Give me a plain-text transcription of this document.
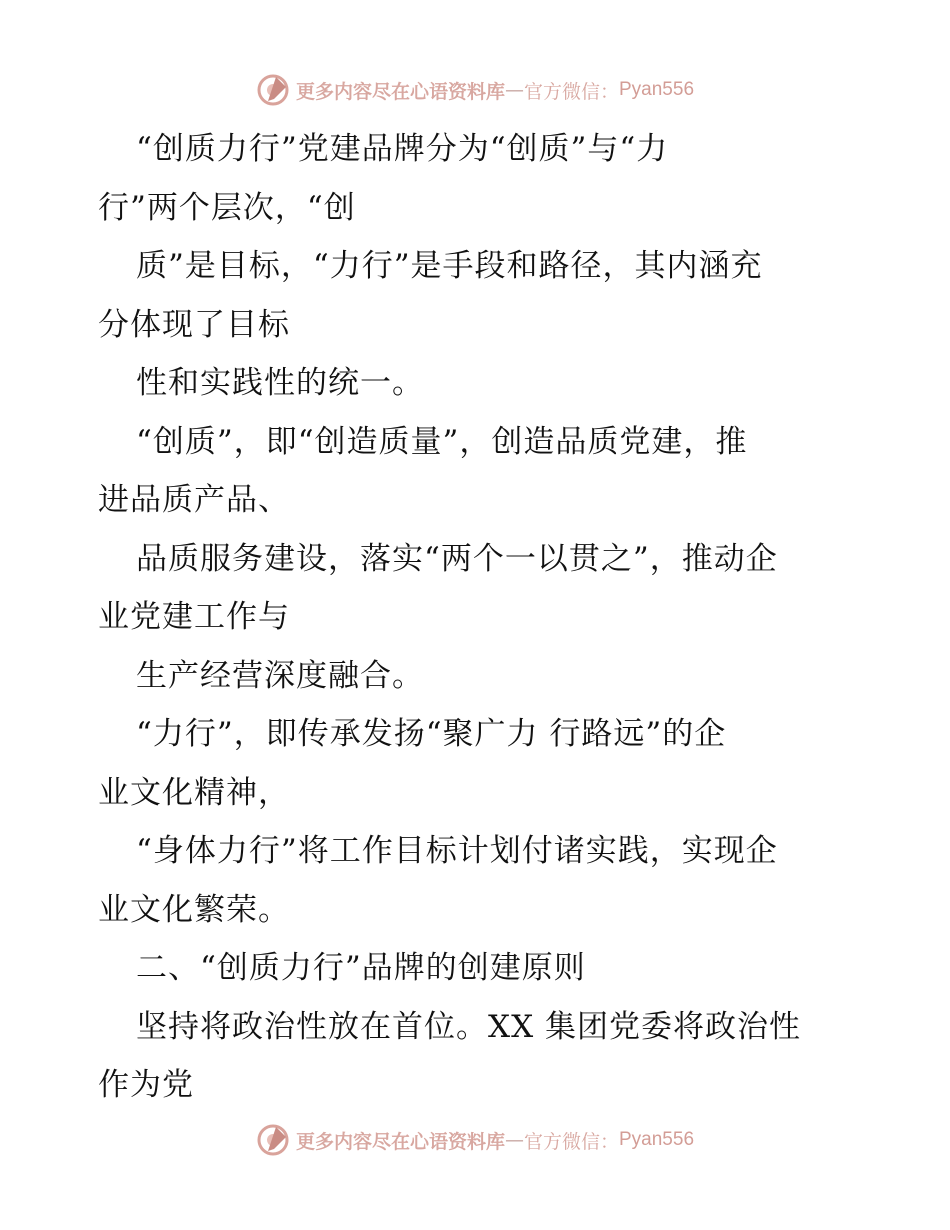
更多内容尽在心语资料库 — 官方微信： Pyan556
“创质力行”党建品牌分为“创质”与“力
行”两个层次，“创
质”是目标，“力行”是手段和路径，其内涵充
分体现了目标
性和实践性的统一。
“创质”，即“创造质量”，创造品质党建，推
进品质产品、
品质服务建设，落实“两个一以贯之”，推动企
业党建工作与
生产经营深度融合。
“力行”，即传承发扬“聚广力 行路远”的企
业文化精神，
“身体力行”将工作目标计划付诸实践，实现企
业文化繁荣。
二、“创质力行”品牌的创建原则
坚持将政治性放在首位。XX 集团党委将政治性
作为党
更多内容尽在心语资料库 — 官方微信： Pyan556
